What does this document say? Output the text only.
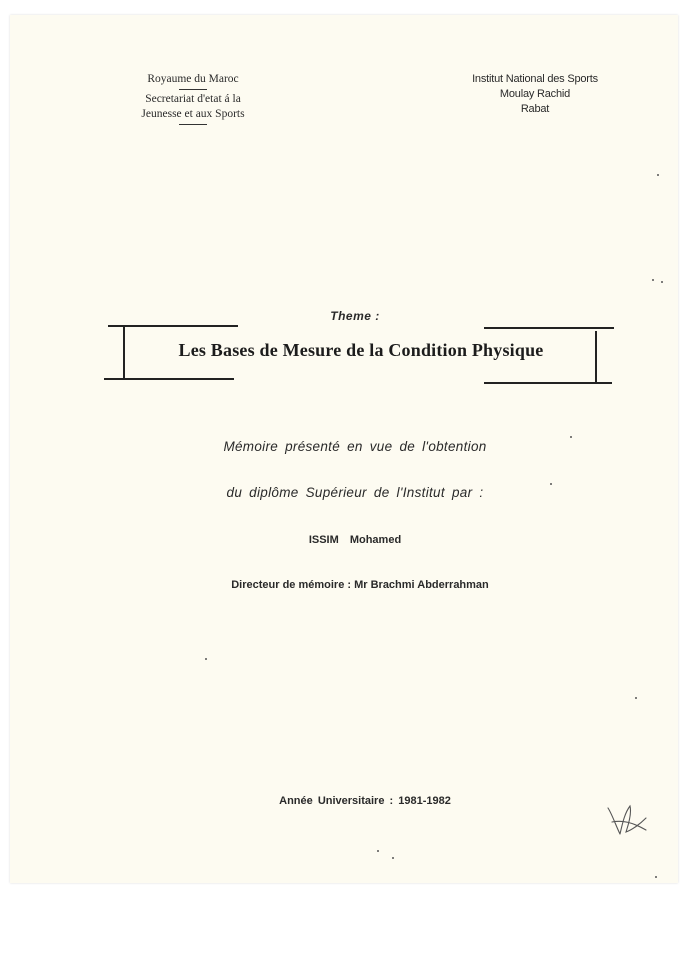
Royaume du Maroc
Secretariat d'etat á la
Jeunesse et aux Sports
Institut National des Sports
Moulay Rachid
Rabat
Theme :
Les Bases de Mesure de la Condition Physique
Mémoire présenté en vue de l'obtention
du diplôme Supérieur de l'Institut par :
ISSIM Mohamed
Directeur de mémoire : Mr Brachmi Abderrahman
Année Universitaire : 1981-1982
